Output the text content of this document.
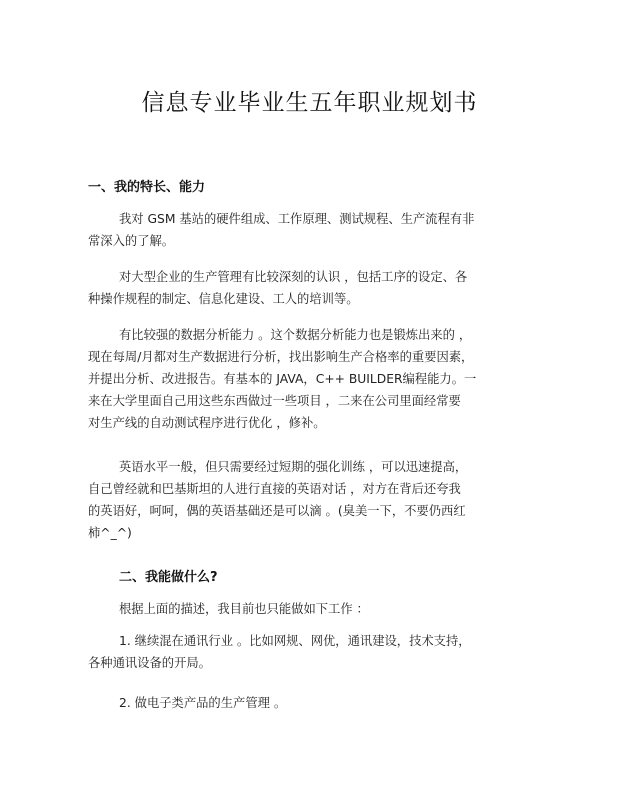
信息专业毕业生五年职业规划书
一、我的特长、能力
我对 GSM 基站的硬件组成、工作原理、测试规程、生产流程有非
常深入的了解。
对大型企业的生产管理有比较深刻的认识 ，包括工序的设定、各
种操作规程的制定、信息化建设、工人的培训等。
有比较强的数据分析能力 。这个数据分析能力也是锻炼出来的 ，
现在每周/月都对生产数据进行分析，找出影响生产合格率的重要因素，
并提出分析、改进报告。有基本的 JAVA，C++ BUILDER编程能力。一
来在大学里面自己用这些东西做过一些项目 ，二来在公司里面经常要
对生产线的自动测试程序进行优化 ，修补。
英语水平一般，但只需要经过短期的强化训练 ，可以迅速提高，
自己曾经就和巴基斯坦的人进行直接的英语对话 ，对方在背后还夸我
的英语好，呵呵，偶的英语基础还是可以滴 。(臭美一下，不要仍西红
柿^_^)
二、我能做什么?
根据上面的描述，我目前也只能做如下工作 ：
1. 继续混在通讯行业 。比如网规、网优，通讯建设，技术支持，
各种通讯设备的开局。
2. 做电子类产品的生产管理 。
